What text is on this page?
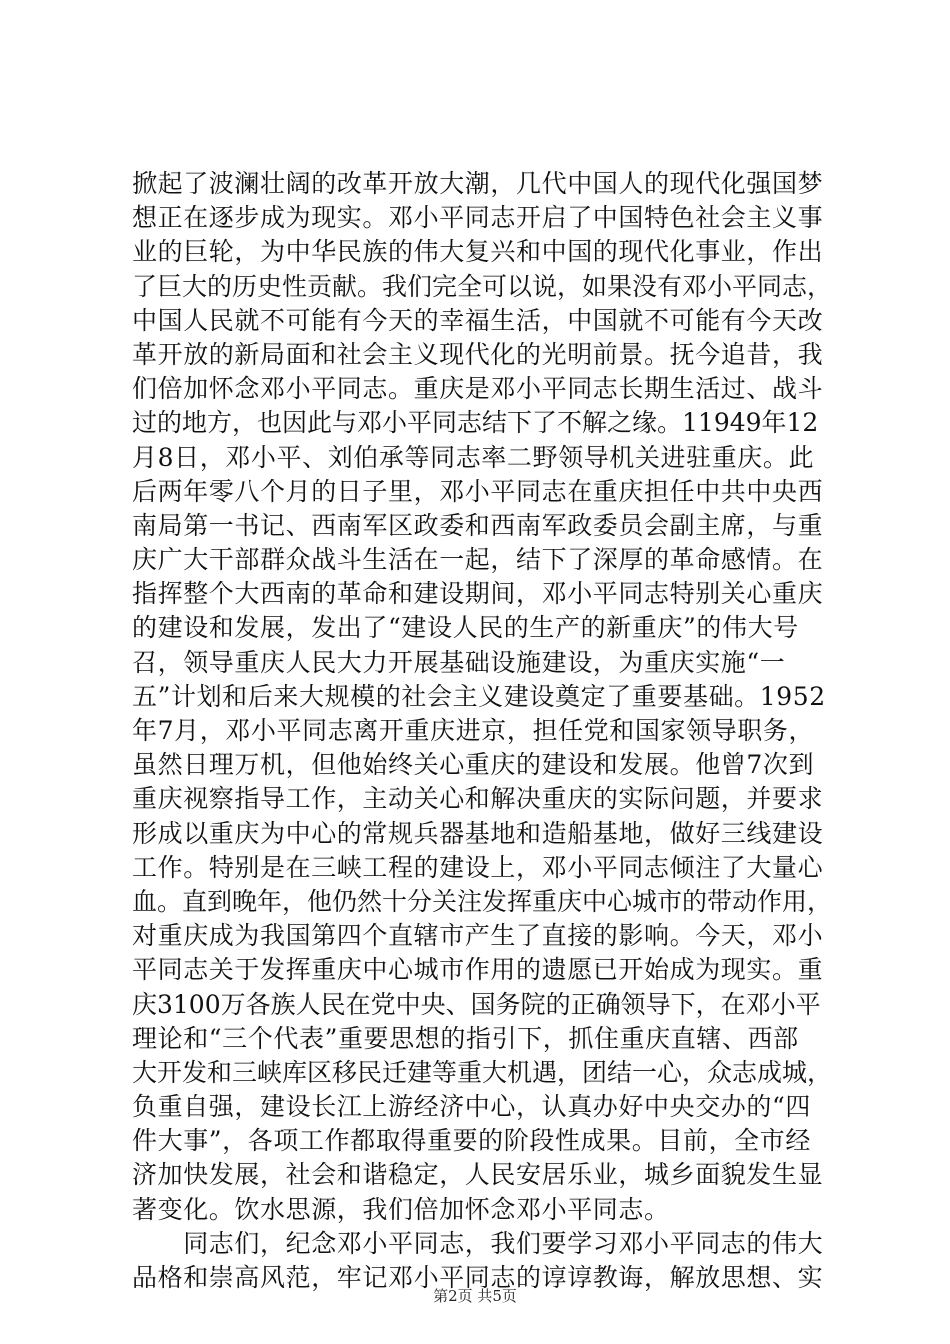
掀起了波澜壮阔的改革开放大潮，几代中国人的现代化强国梦
想正在逐步成为现实。邓小平同志开启了中国特色社会主义事
业的巨轮，为中华民族的伟大复兴和中国的现代化事业，作出
了巨大的历史性贡献。我们完全可以说，如果没有邓小平同志，
中国人民就不可能有今天的幸福生活，中国就不可能有今天改
革开放的新局面和社会主义现代化的光明前景。抚今追昔，我
们倍加怀念邓小平同志。重庆是邓小平同志长期生活过、战斗
过的地方，也因此与邓小平同志结下了不解之缘。11949年12
月8日，邓小平、刘伯承等同志率二野领导机关进驻重庆。此
后两年零八个月的日子里，邓小平同志在重庆担任中共中央西
南局第一书记、西南军区政委和西南军政委员会副主席，与重
庆广大干部群众战斗生活在一起，结下了深厚的革命感情。在
指挥整个大西南的革命和建设期间，邓小平同志特别关心重庆
的建设和发展，发出了“建设人民的生产的新重庆”的伟大号
召，领导重庆人民大力开展基础设施建设，为重庆实施“一
五”计划和后来大规模的社会主义建设奠定了重要基础。1952
年7月，邓小平同志离开重庆进京，担任党和国家领导职务，
虽然日理万机，但他始终关心重庆的建设和发展。他曾7次到
重庆视察指导工作，主动关心和解决重庆的实际问题，并要求
形成以重庆为中心的常规兵器基地和造船基地，做好三线建设
工作。特别是在三峡工程的建设上，邓小平同志倾注了大量心
血。直到晚年，他仍然十分关注发挥重庆中心城市的带动作用，
对重庆成为我国第四个直辖市产生了直接的影响。今天，邓小
平同志关于发挥重庆中心城市作用的遗愿已开始成为现实。重
庆3100万各族人民在党中央、国务院的正确领导下，在邓小平
理论和“三个代表”重要思想的指引下，抓住重庆直辖、西部
大开发和三峡库区移民迁建等重大机遇，团结一心，众志成城，
负重自强，建设长江上游经济中心，认真办好中央交办的“四
件大事”，各项工作都取得重要的阶段性成果。目前，全市经
济加快发展，社会和谐稳定，人民安居乐业，城乡面貌发生显
著变化。饮水思源，我们倍加怀念邓小平同志。
　　同志们，纪念邓小平同志，我们要学习邓小平同志的伟大
品格和崇高风范，牢记邓小平同志的谆谆教诲，解放思想、实
第2页 共5页
